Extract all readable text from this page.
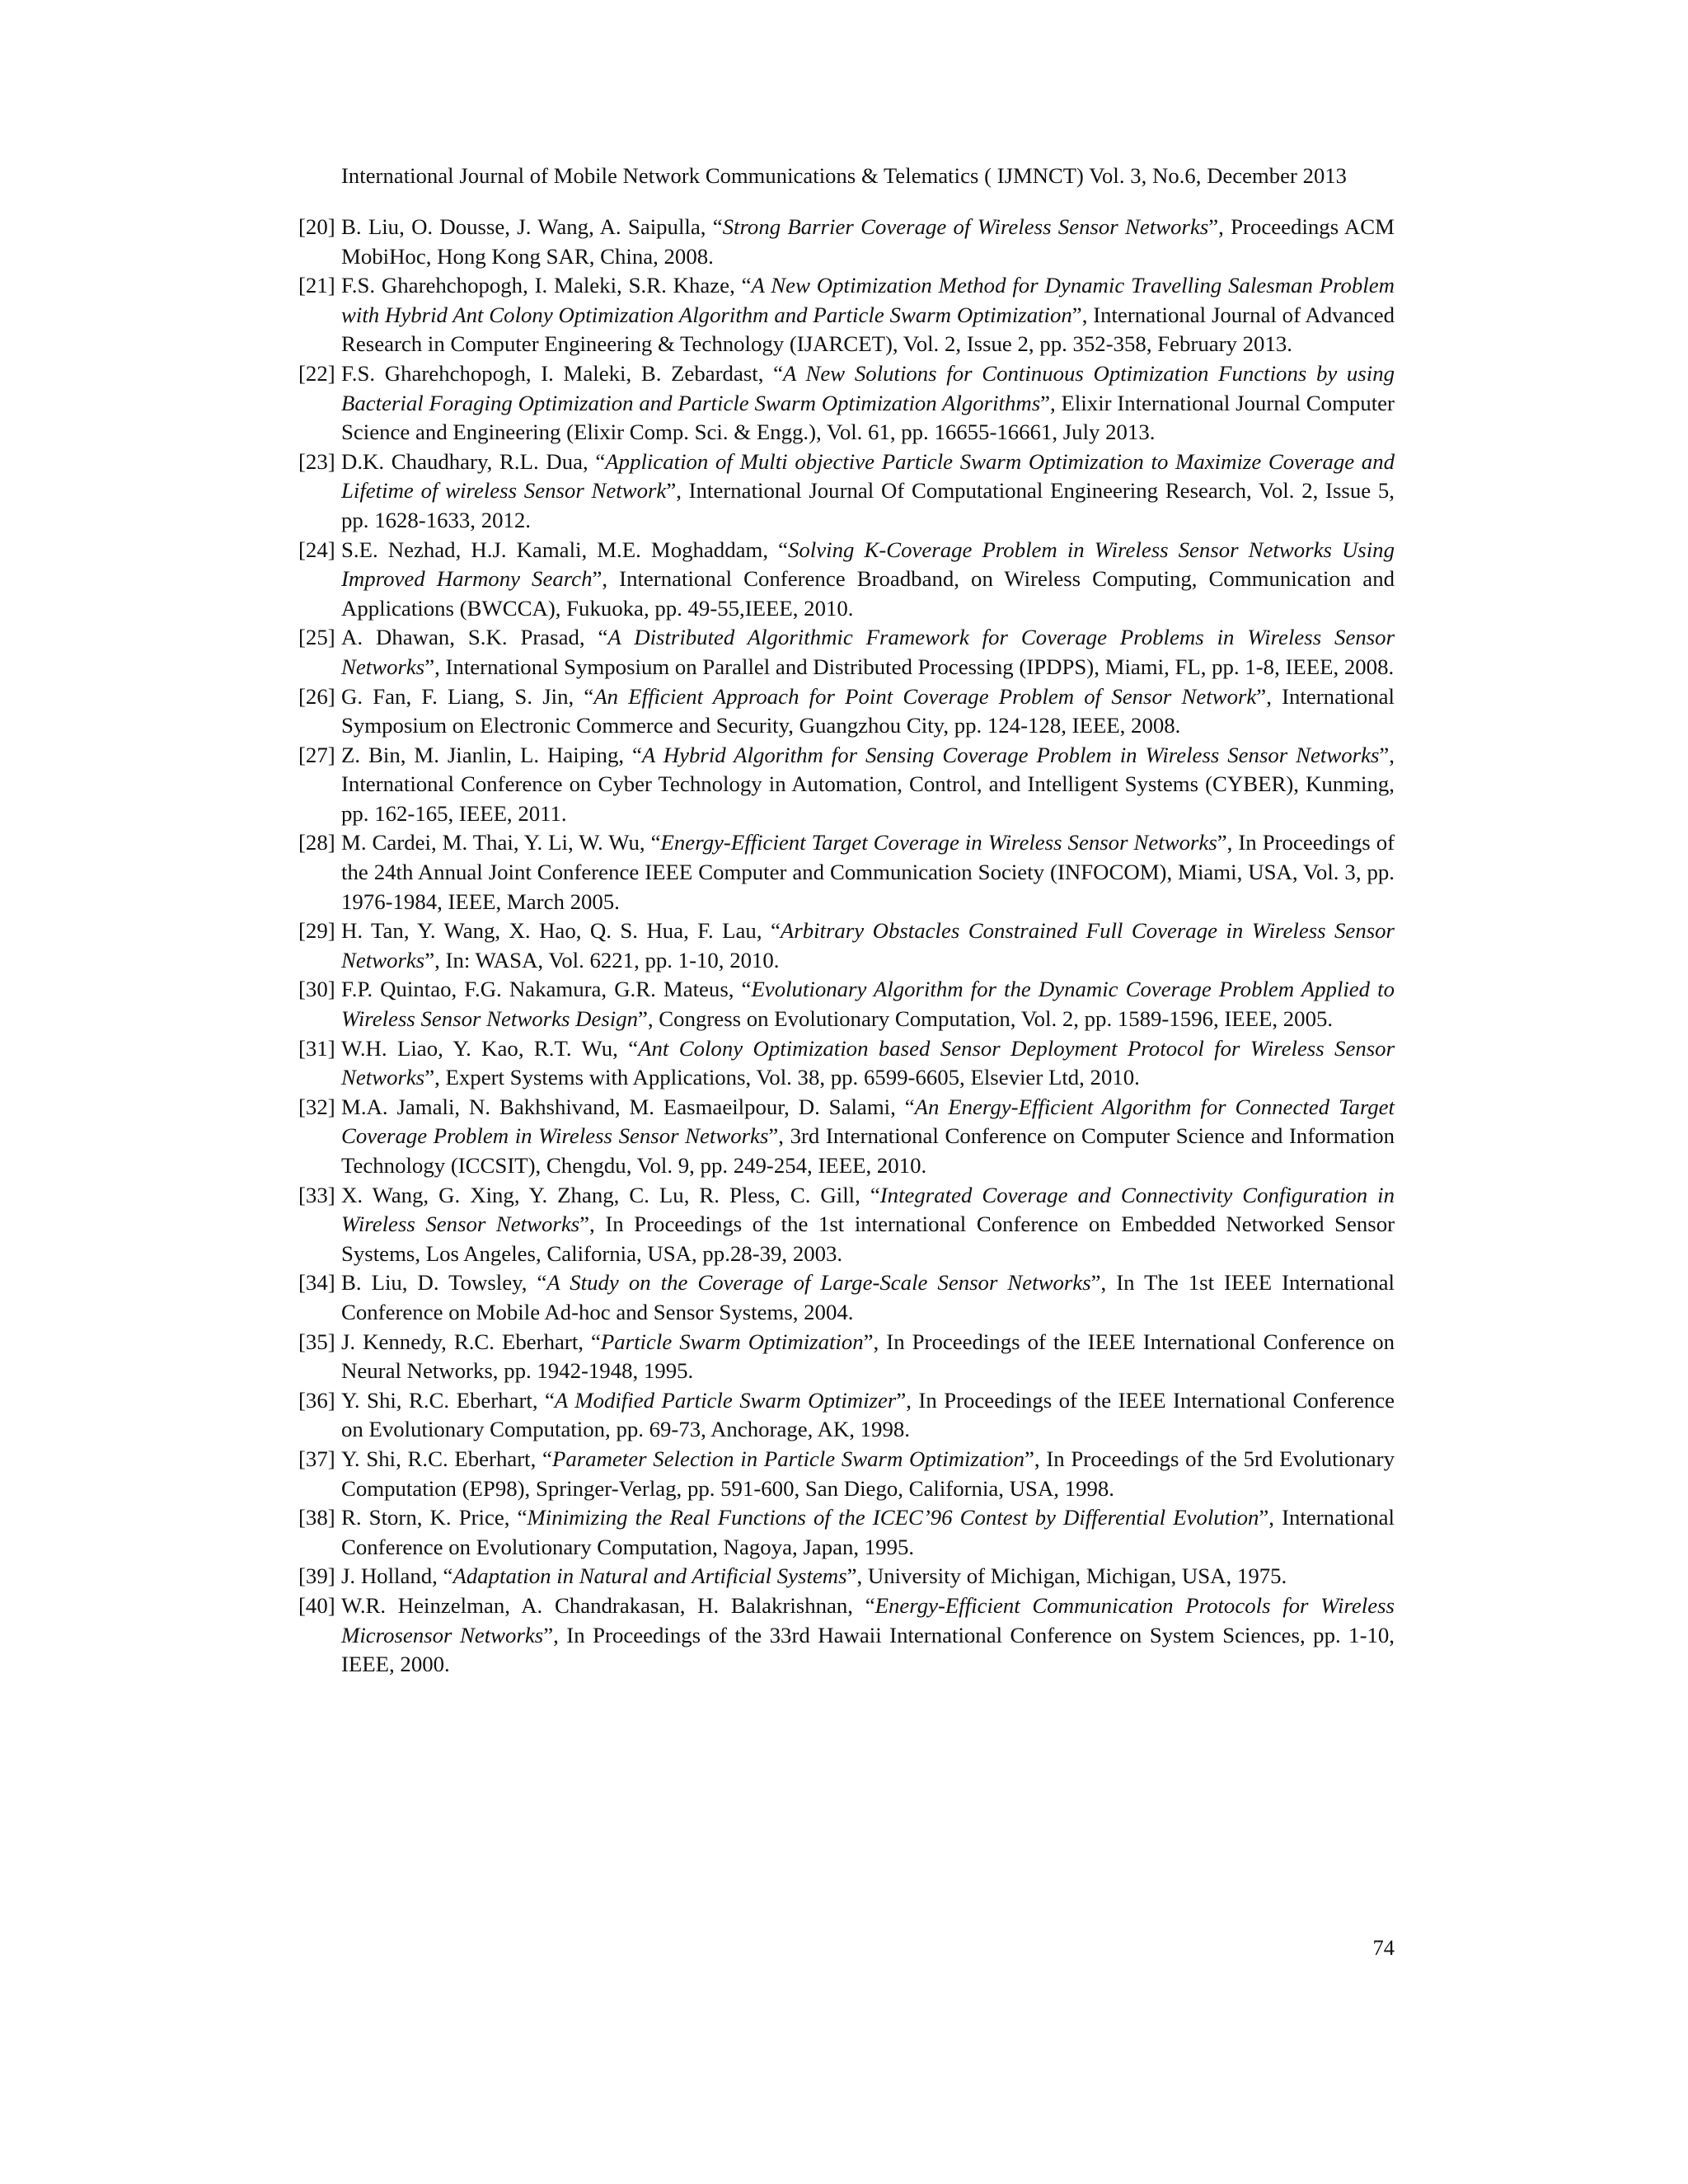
International Journal of Mobile Network Communications & Telematics ( IJMNCT) Vol. 3, No.6, December 2013
[20] B. Liu, O. Dousse, J. Wang, A. Saipulla, “Strong Barrier Coverage of Wireless Sensor Networks”, Proceedings ACM MobiHoc, Hong Kong SAR, China, 2008.
[21] F.S. Gharehchopogh, I. Maleki, S.R. Khaze, “A New Optimization Method for Dynamic Travelling Salesman Problem with Hybrid Ant Colony Optimization Algorithm and Particle Swarm Optimization”, International Journal of Advanced Research in Computer Engineering & Technology (IJARCET), Vol. 2, Issue 2, pp. 352-358, February 2013.
[22] F.S. Gharehchopogh, I. Maleki, B. Zebardast, “A New Solutions for Continuous Optimization Functions by using Bacterial Foraging Optimization and Particle Swarm Optimization Algorithms”, Elixir International Journal Computer Science and Engineering (Elixir Comp. Sci. & Engg.), Vol. 61, pp. 16655-16661, July 2013.
[23] D.K. Chaudhary, R.L. Dua, “Application of Multi objective Particle Swarm Optimization to Maximize Coverage and Lifetime of wireless Sensor Network”, International Journal Of Computational Engineering Research, Vol. 2, Issue 5, pp. 1628-1633, 2012.
[24] S.E. Nezhad, H.J. Kamali, M.E. Moghaddam, “Solving K-Coverage Problem in Wireless Sensor Networks Using Improved Harmony Search”, International Conference Broadband, on Wireless Computing, Communication and Applications (BWCCA), Fukuoka, pp. 49-55,IEEE, 2010.
[25] A. Dhawan, S.K. Prasad, “A Distributed Algorithmic Framework for Coverage Problems in Wireless Sensor Networks”, International Symposium on Parallel and Distributed Processing (IPDPS), Miami, FL, pp. 1-8, IEEE, 2008.
[26] G. Fan, F. Liang, S. Jin, “An Efficient Approach for Point Coverage Problem of Sensor Network”, International Symposium on Electronic Commerce and Security, Guangzhou City, pp. 124-128, IEEE, 2008.
[27] Z. Bin, M. Jianlin, L. Haiping, “A Hybrid Algorithm for Sensing Coverage Problem in Wireless Sensor Networks”, International Conference on Cyber Technology in Automation, Control, and Intelligent Systems (CYBER), Kunming, pp. 162-165, IEEE, 2011.
[28] M. Cardei, M. Thai, Y. Li, W. Wu, “Energy-Efficient Target Coverage in Wireless Sensor Networks”, In Proceedings of the 24th Annual Joint Conference IEEE Computer and Communication Society (INFOCOM), Miami, USA, Vol. 3, pp. 1976-1984, IEEE, March 2005.
[29] H. Tan, Y. Wang, X. Hao, Q. S. Hua, F. Lau, “Arbitrary Obstacles Constrained Full Coverage in Wireless Sensor Networks”, In: WASA, Vol. 6221, pp. 1-10, 2010.
[30] F.P. Quintao, F.G. Nakamura, G.R. Mateus, “Evolutionary Algorithm for the Dynamic Coverage Problem Applied to Wireless Sensor Networks Design”, Congress on Evolutionary Computation, Vol. 2, pp. 1589-1596, IEEE, 2005.
[31] W.H. Liao, Y. Kao, R.T. Wu, “Ant Colony Optimization based Sensor Deployment Protocol for Wireless Sensor Networks”, Expert Systems with Applications, Vol. 38, pp. 6599-6605, Elsevier Ltd, 2010.
[32] M.A. Jamali, N. Bakhshivand, M. Easmaeilpour, D. Salami, “An Energy-Efficient Algorithm for Connected Target Coverage Problem in Wireless Sensor Networks”, 3rd International Conference on Computer Science and Information Technology (ICCSIT), Chengdu, Vol. 9, pp. 249-254, IEEE, 2010.
[33] X. Wang, G. Xing, Y. Zhang, C. Lu, R. Pless, C. Gill, “Integrated Coverage and Connectivity Configuration in Wireless Sensor Networks”, In Proceedings of the 1st international Conference on Embedded Networked Sensor Systems, Los Angeles, California, USA, pp.28-39, 2003.
[34] B. Liu, D. Towsley, “A Study on the Coverage of Large-Scale Sensor Networks”, In The 1st IEEE International Conference on Mobile Ad-hoc and Sensor Systems, 2004.
[35] J. Kennedy, R.C. Eberhart, “Particle Swarm Optimization”, In Proceedings of the IEEE International Conference on Neural Networks, pp. 1942-1948, 1995.
[36] Y. Shi, R.C. Eberhart, “A Modified Particle Swarm Optimizer”, In Proceedings of the IEEE International Conference on Evolutionary Computation, pp. 69-73, Anchorage, AK, 1998.
[37] Y. Shi, R.C. Eberhart, “Parameter Selection in Particle Swarm Optimization”, In Proceedings of the 5rd Evolutionary Computation (EP98), Springer-Verlag, pp. 591-600, San Diego, California, USA, 1998.
[38] R. Storn, K. Price, “Minimizing the Real Functions of the ICEC’96 Contest by Differential Evolution”, International Conference on Evolutionary Computation, Nagoya, Japan, 1995.
[39] J. Holland, “Adaptation in Natural and Artificial Systems”, University of Michigan, Michigan, USA, 1975.
[40] W.R. Heinzelman, A. Chandrakasan, H. Balakrishnan, “Energy-Efficient Communication Protocols for Wireless Microsensor Networks”, In Proceedings of the 33rd Hawaii International Conference on System Sciences, pp. 1-10, IEEE, 2000.
74
